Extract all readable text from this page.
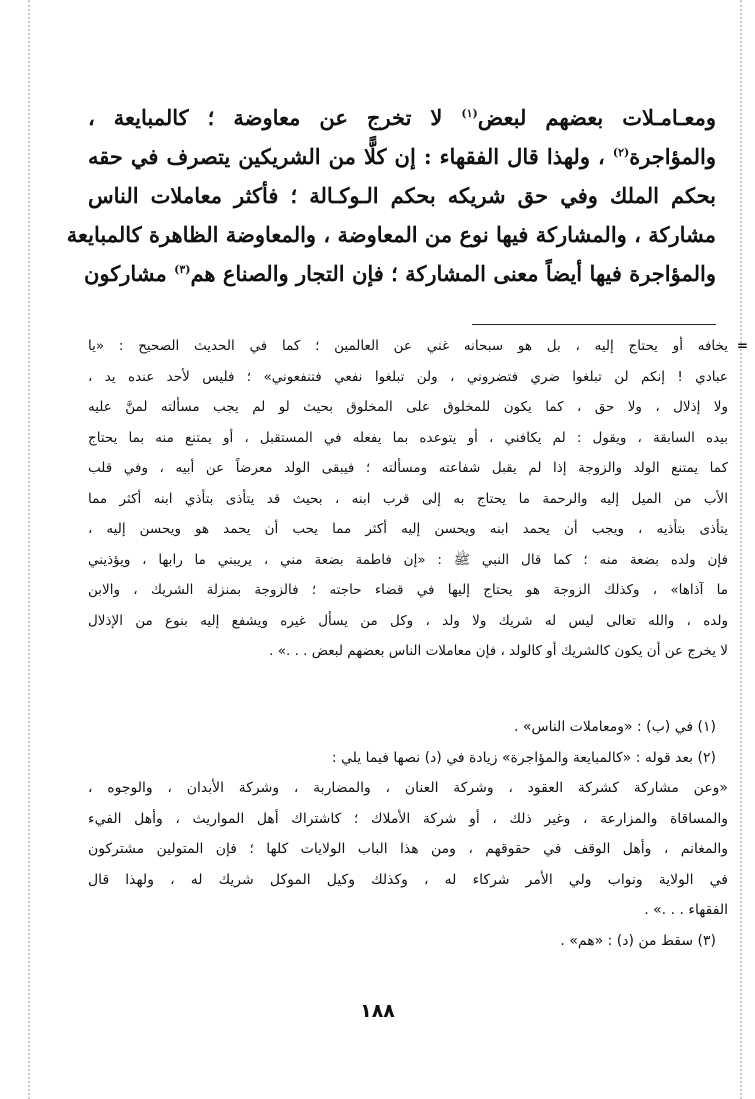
ومعـامـلات بعضهم لبعض$^{(١)}$ لا تخرج عن معاوضة ؛ كالمبايعة ،
والمؤاجرة$^{(٢)}$ ، ولهذا قال الفقهاء : إن كلًّا من الشريكين يتصرف في حقه
بحكم الملك وفي حق شريكه بحكم الـوكـالة ؛ فأكثر معاملات الناس
مشاركة ، والمشاركة فيها نوع من المعاوضة ، والمعاوضة الظاهرة كالمبايعة
والمؤاجرة فيها أيضاً معنى المشاركة ؛ فإن التجار والصناع هم$^{(٣)}$ مشاركون
=
يخافه أو يحتاج إليه ، بل هو سبحانه غني عن العالمين ؛ كما في الحديث الصحيح : «يا
عبادي ! إنكم لن تبلغوا ضري فتضروني ، ولن تبلغوا نفعي فتنفعوني» ؛ فليس لأحد عنده يد ،
ولا إذلال ، ولا حق ، كما يكون للمخلوق على المخلوق بحيث لو لم يجب مسألته لمنَّ عليه
بيده السابقة ، ويقول : لم يكافني ، أو يتوعده بما يفعله في المستقبل ، أو يمتنع منه بما يحتاج
كما يمتنع الولد والزوجة إذا لم يقبل شفاعته ومسألته ؛ فيبقى الولد معرضاً عن أبيه ، وفي قلب
الأب من الميل إليه والرحمة ما يحتاج به إلى قرب ابنه ، بحيث قد يتأذى بتأذي ابنه أكثر مما
يتأذى بتأذيه ، ويجب أن يحمد ابنه ويحسن إليه أكثر مما يحب أن يحمد هو ويحسن إليه ،
فإن ولده بضعة منه ؛ كما قال النبي ﷺ : «إن فاطمة بضعة مني ، يريبني ما رابها ، ويؤذيني
ما آذاها» ، وكذلك الزوجة هو يحتاج إليها في قضاء حاجته ؛ فالزوجة بمنزلة الشريك ، والابن
ولده ، والله تعالى ليس له شريك ولا ولد ، وكل من يسأل غيره ويشفع إليه بنوع من الإذلال
لا يخرج عن أن يكون كالشريك أو كالولد ، فإن معاملات الناس بعضهم لبعض . . .» .
(١) في (ب) : «ومعاملات الناس» .
(٢) بعد قوله : «كالمبايعة والمؤاجرة» زيادة في (د) نصها فيما يلي :
«وعن مشاركة كشركة العقود ، وشركة العنان ، والمضاربة ، وشركة الأبدان ، والوجوه ،
والمساقاة والمزارعة ، وغير ذلك ، أو شركة الأملاك ؛ كاشتراك أهل المواريث ، وأهل الفيء
والمغانم ، وأهل الوقف في حقوقهم ، ومن هذا الباب الولايات كلها ؛ فإن المتولين مشتركون
في الولاية ونواب ولي الأمر شركاء له ، وكذلك وكيل الموكل شريك له ، ولهذا قال
الفقهاء . . .» .
(٣) سقط من (د) : «هم» .
١٨٨
